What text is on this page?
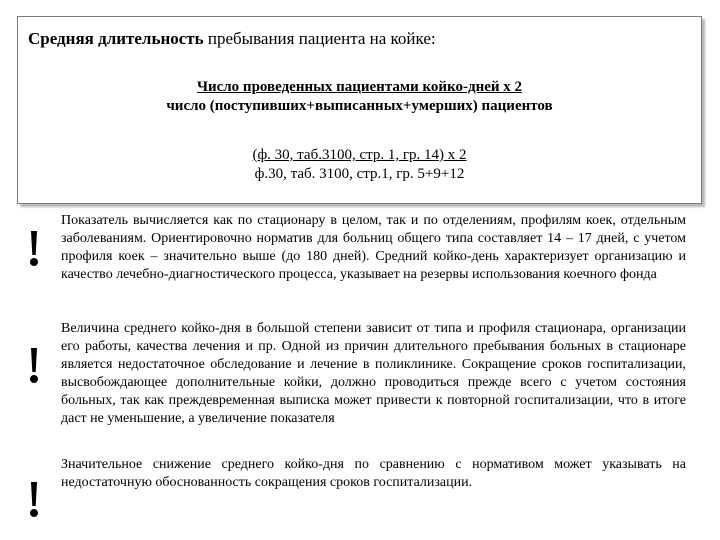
Средняя длительность пребывания пациента на койке:
Число проведенных пациентами койко-дней х 2
число (поступивших+выписанных+умерших) пациентов
(ф. 30, таб.3100, стр. 1, гр. 14) х 2
ф.30, таб. 3100, стр.1, гр. 5+9+12

Показатель вычисляется как по стационару в целом, так и по отделениям, профилям коек, отдельным заболеваниям. Ориентировочно норматив для больниц общего типа составляет 14 – 17 дней, с учетом профиля коек – значительно выше (до 180 дней). Средний койко-день характеризует организацию и качество лечебно-диагностического процесса, указывает на резервы использования коечного фонда

Величина среднего койко-дня в большой степени зависит от типа и профиля стационара, организации его работы, качества лечения и пр. Одной из причин длительного пребывания больных в стационаре является недостаточное обследование и лечение в поликлинике. Сокращение сроков госпитализации, высвобождающее дополнительные койки, должно проводиться прежде всего с учетом состояния больных, так как преждевременная выписка может привести к повторной госпитализации, что в итоге даст не уменьшение, а увеличение показателя

Значительное снижение среднего койко-дня по сравнению с нормативом может указывать на недостаточную обоснованность сокращения сроков госпитализации.
